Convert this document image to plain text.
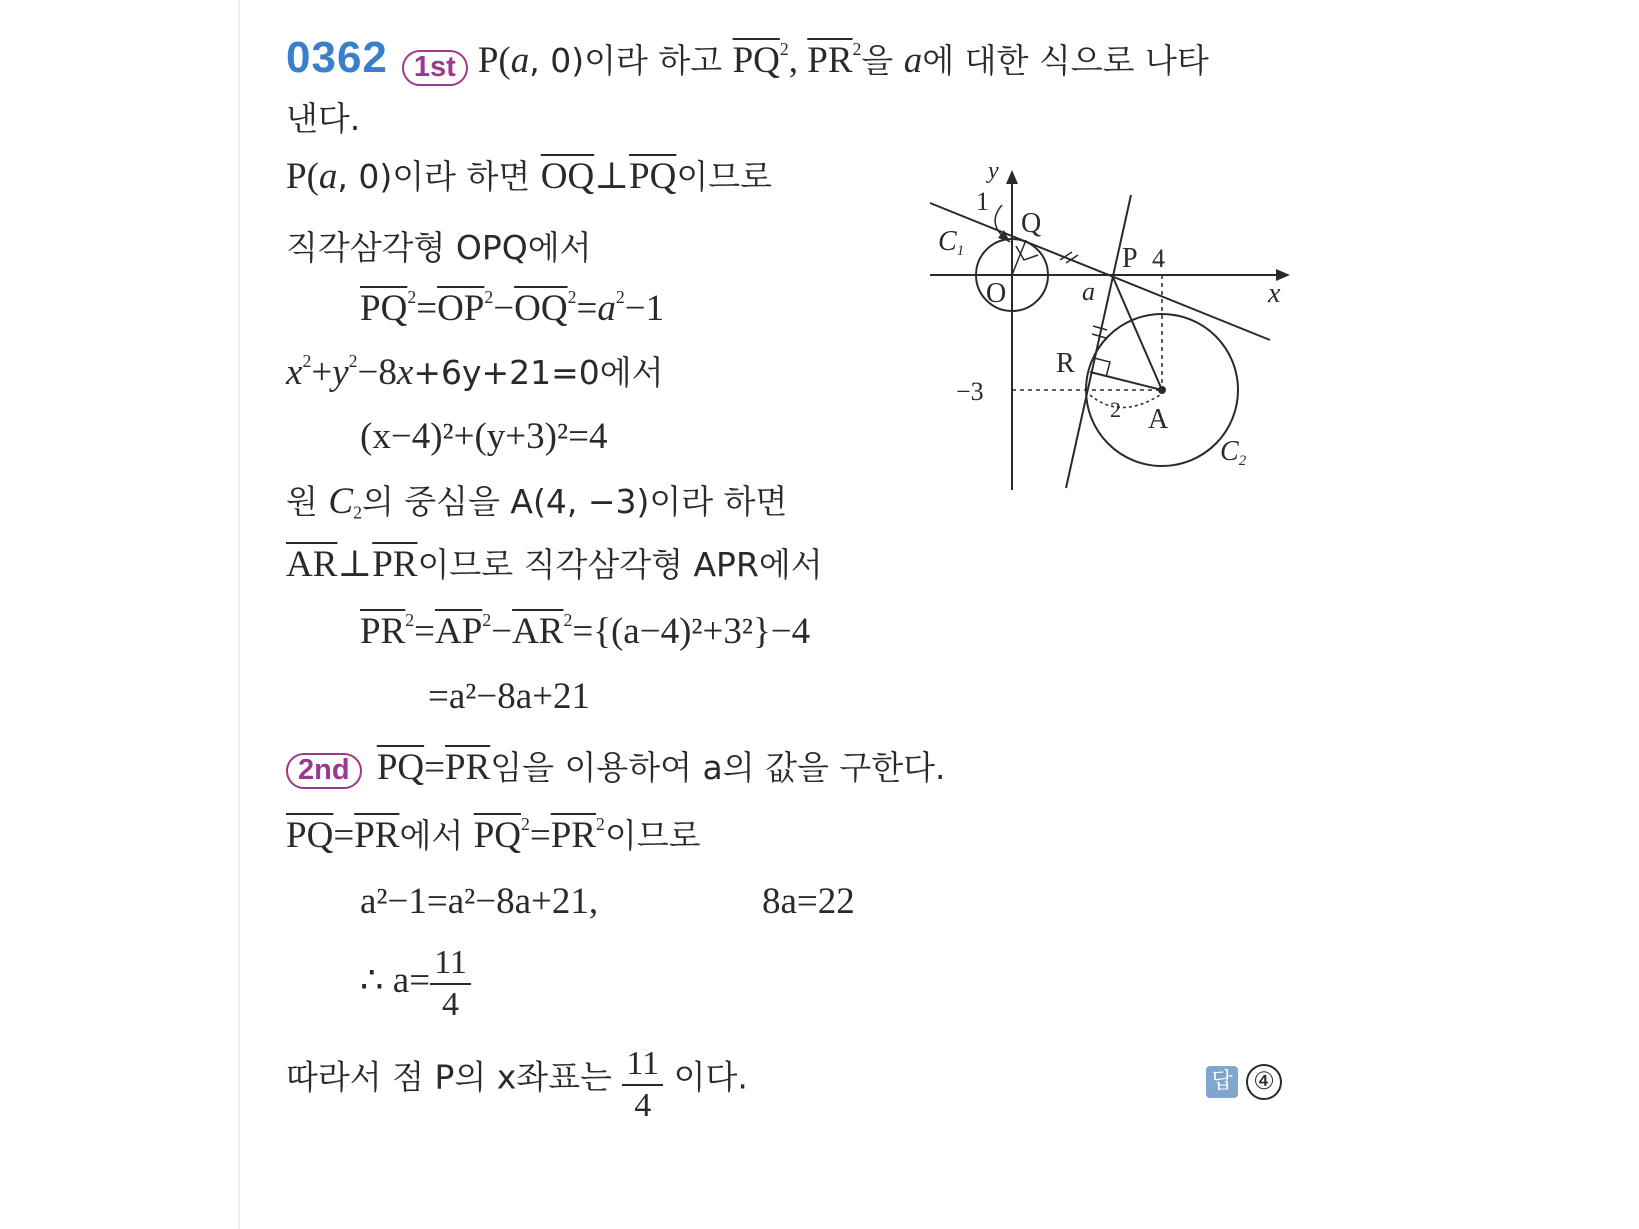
0362 1st P(a, 0)이라 하고 $\overline{PQ}^2$, $\overline{PR}^2$을 a에 대한 식으로 나타
낸다.
P(a, 0)이라 하면 $\overline{OQ}\perp\overline{PQ}$이므로
직각삼각형 OPQ에서
$\overline{PQ}^2=\overline{OP}^2-\overline{OQ}^2=a^2-1$
$x^2+y^2-8x+6y+21=0$에서
(x−4)²+(y+3)²=4
원 $C_2$의 중심을 A(4, −3)이라 하면
$\overline{AR}\perp\overline{PR}$이므로 직각삼각형 APR에서
$\overline{PR}^2=\overline{AP}^2-\overline{AR}^2=\{(a-4)^2+3^2\}-4$
=a²−8a+21
2nd $\overline{PQ}=\overline{PR}$임을 이용하여 a의 값을 구한다.
$\overline{PQ}=\overline{PR}$에서 $\overline{PQ}^2=\overline{PR}^2$이므로
a²−1=a²−8a+21,	8a=22
∴ $a= \frac{11}{4}$
따라서 점 P의 x좌표는 $\frac{11}{4}$ 이다.	답 ④
y
x
O
1
Q
P 4
a
C1
R
−3
2 A
C2
